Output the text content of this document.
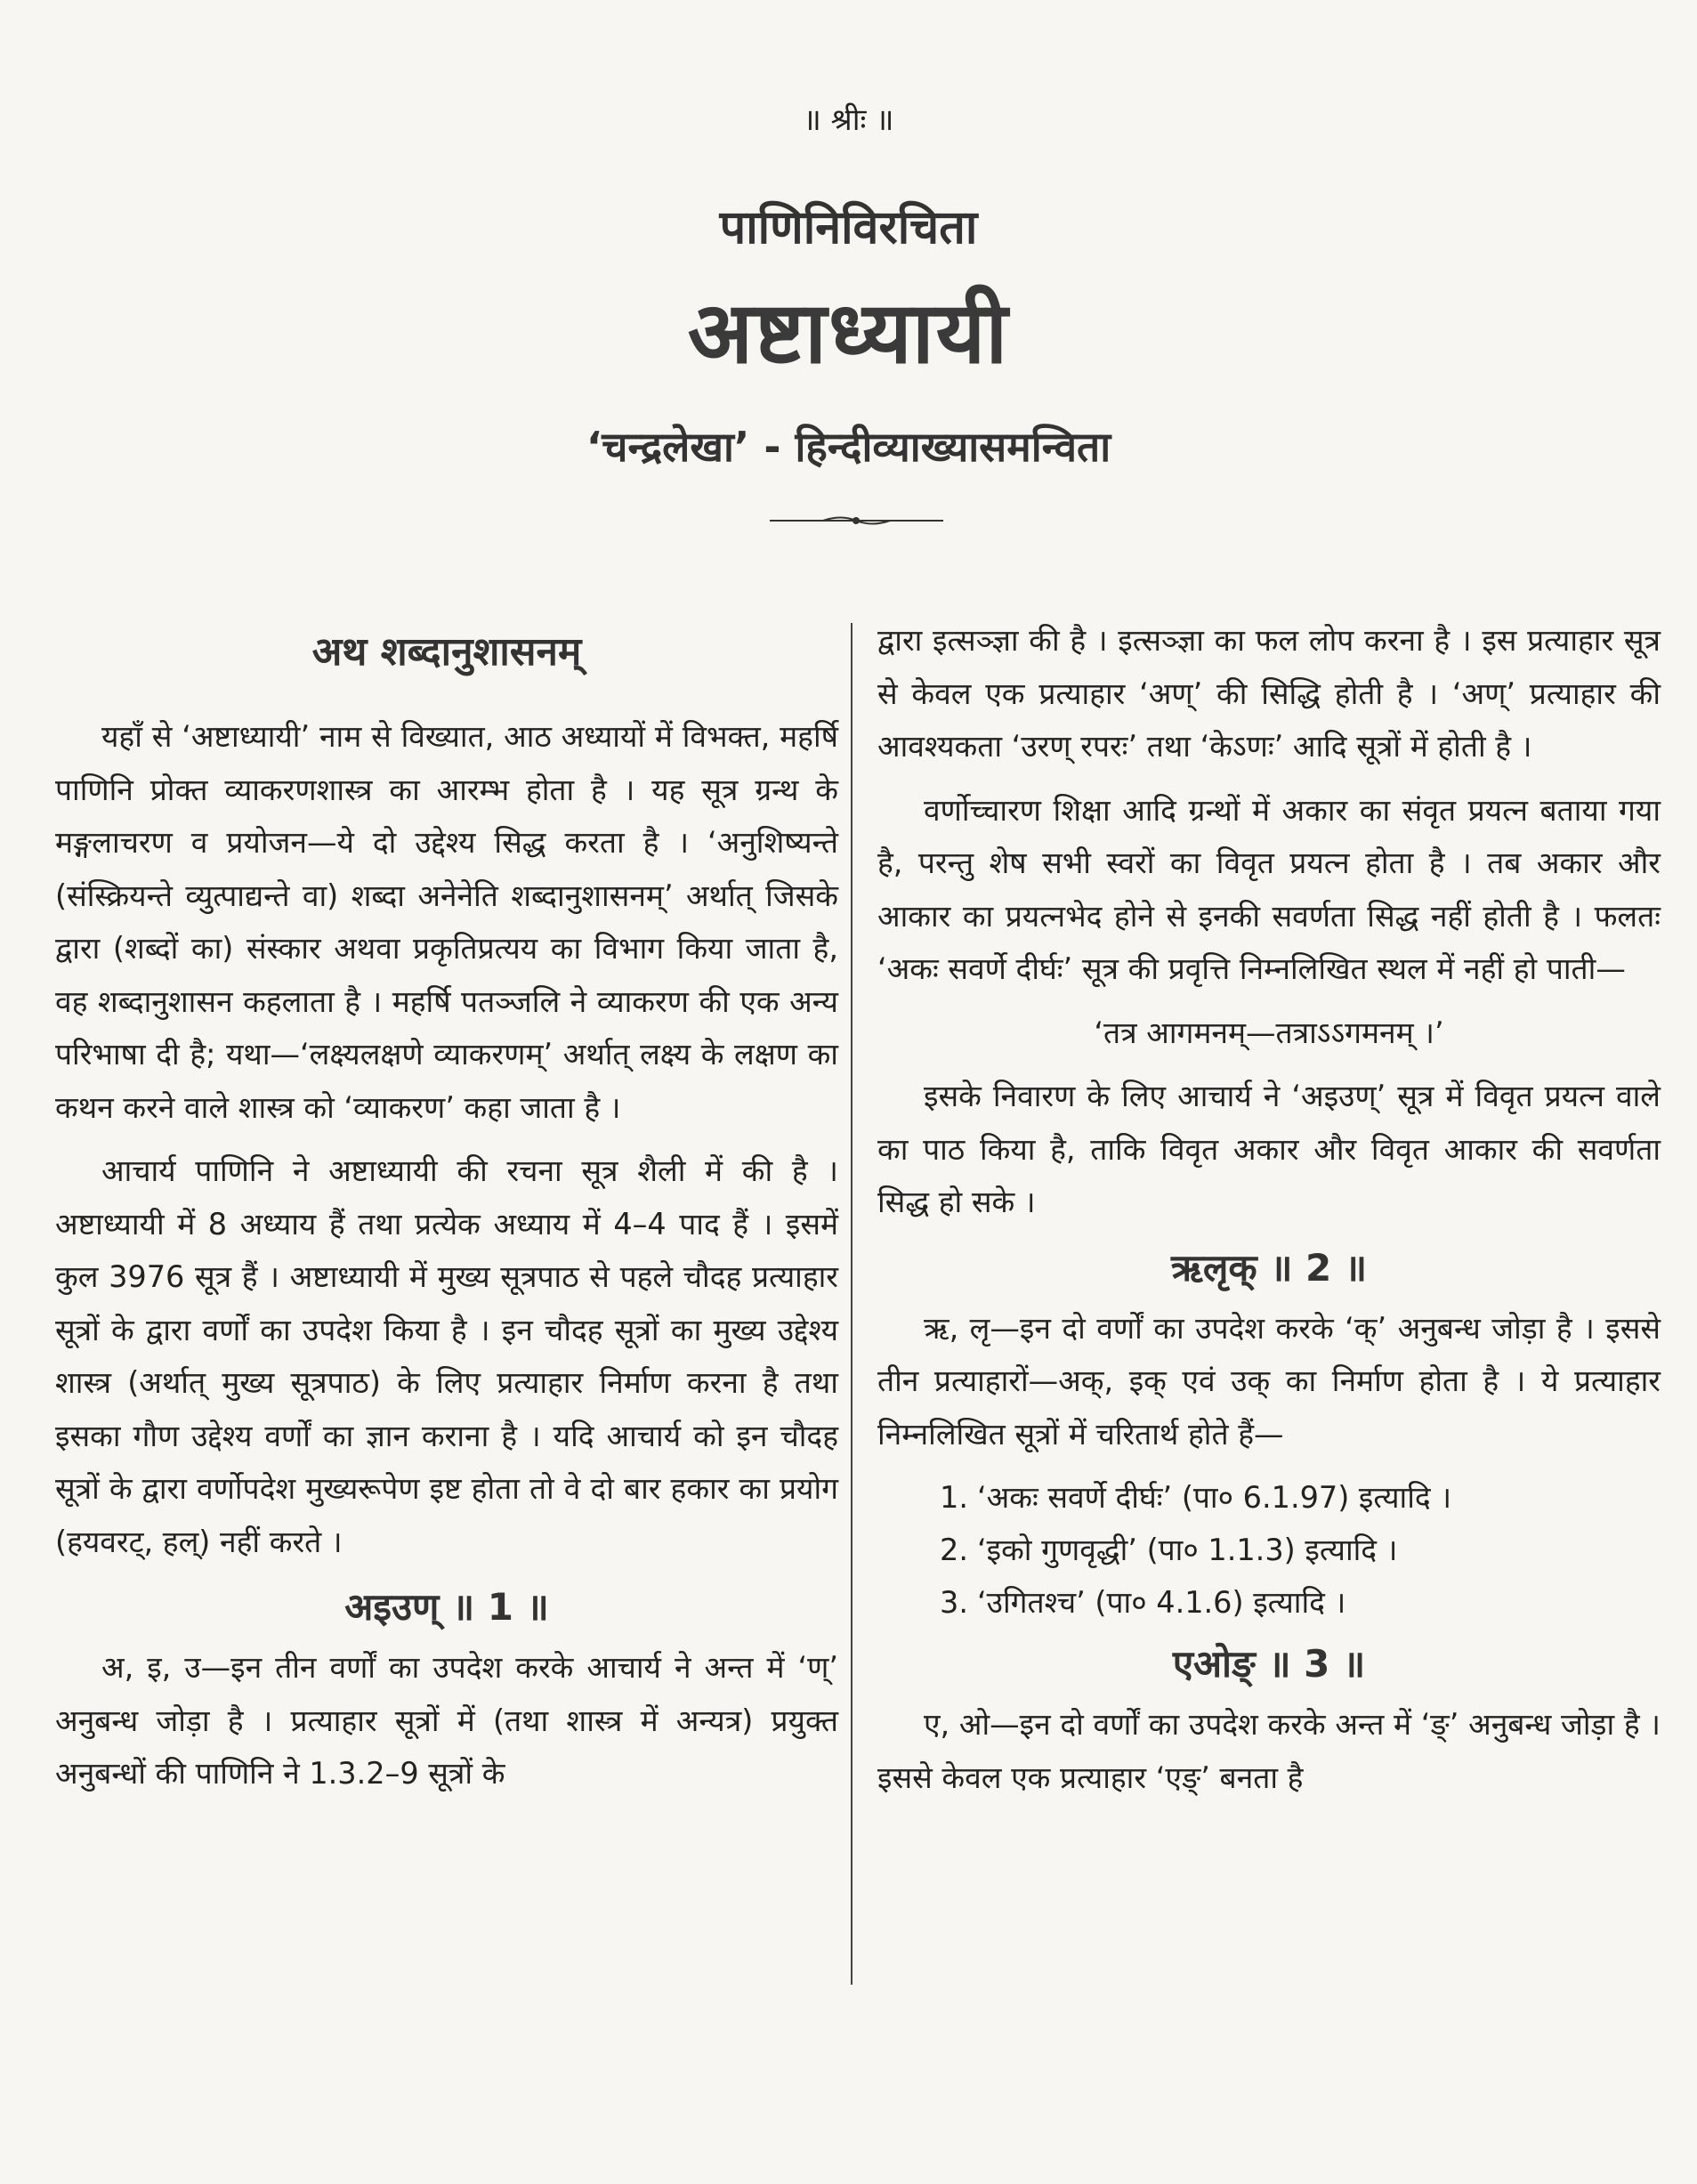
॥ श्रीः ॥
पाणिनिविरचिता
अष्टाध्यायी
‘चन्द्रलेखा’ - हिन्दीव्याख्यासमन्विता
अथ शब्दानुशासनम्

यहाँ से ‘अष्टाध्यायी’ नाम से विख्यात, आठ अध्यायों में विभक्त, महर्षि पाणिनि प्रोक्त व्याकरणशास्त्र का आरम्भ होता है । यह सूत्र ग्रन्थ के मङ्गलाचरण व प्रयोजन—ये दो उद्देश्य सिद्ध करता है । ‘अनुशिष्यन्ते (संस्क्रियन्ते व्युत्पाद्यन्ते वा) शब्दा अनेनेति शब्दानुशासनम्’ अर्थात् जिसके द्वारा (शब्दों का) संस्कार अथवा प्रकृतिप्रत्यय का विभाग किया जाता है, वह शब्दानुशासन कहलाता है । महर्षि पतञ्जलि ने व्याकरण की एक अन्य परिभाषा दी है; यथा—‘लक्ष्यलक्षणे व्याकरणम्’ अर्थात् लक्ष्य के लक्षण का कथन करने वाले शास्त्र को ‘व्याकरण’ कहा जाता है ।

आचार्य पाणिनि ने अष्टाध्यायी की रचना सूत्र शैली में की है । अष्टाध्यायी में 8 अध्याय हैं तथा प्रत्येक अध्याय में 4–4 पाद हैं । इसमें कुल 3976 सूत्र हैं । अष्टाध्यायी में मुख्य सूत्रपाठ से पहले चौदह प्रत्याहार सूत्रों के द्वारा वर्णों का उपदेश किया है । इन चौदह सूत्रों का मुख्य उद्देश्य शास्त्र (अर्थात् मुख्य सूत्रपाठ) के लिए प्रत्याहार निर्माण करना है तथा इसका गौण उद्देश्य वर्णों का ज्ञान कराना है । यदि आचार्य को इन चौदह सूत्रों के द्वारा वर्णोपदेश मुख्यरूपेण इष्ट होता तो वे दो बार हकार का प्रयोग (हयवरट्, हल्) नहीं करते ।

अइउण् ॥ 1 ॥

अ, इ, उ—इन तीन वर्णों का उपदेश करके आचार्य ने अन्त में ‘ण्’ अनुबन्ध जोड़ा है । प्रत्याहार सूत्रों में (तथा शास्त्र में अन्यत्र) प्रयुक्त अनुबन्धों की पाणिनि ने 1.3.2–9 सूत्रों के

द्वारा इत्सञ्ज्ञा की है । इत्सञ्ज्ञा का फल लोप करना है । इस प्रत्याहार सूत्र से केवल एक प्रत्याहार ‘अण्’ की सिद्धि होती है । ‘अण्’ प्रत्याहार की आवश्यकता ‘उरण् रपरः’ तथा ‘केऽणः’ आदि सूत्रों में होती है ।

वर्णोच्चारण शिक्षा आदि ग्रन्थों में अकार का संवृत प्रयत्न बताया गया है, परन्तु शेष सभी स्वरों का विवृत प्रयत्न होता है । तब अकार और आकार का प्रयत्नभेद होने से इनकी सवर्णता सिद्ध नहीं होती है । फलतः ‘अकः सवर्णे दीर्घः’ सूत्र की प्रवृत्ति निम्नलिखित स्थल में नहीं हो पाती—

‘तत्र आगमनम्—तत्राऽऽगमनम् ।’

इसके निवारण के लिए आचार्य ने ‘अइउण्’ सूत्र में विवृत प्रयत्न वाले का पाठ किया है, ताकि विवृत अकार और विवृत आकार की सवर्णता सिद्ध हो सके ।

ऋलृक् ॥ 2 ॥

ऋ, लृ—इन दो वर्णों का उपदेश करके ‘क्’ अनुबन्ध जोड़ा है । इससे तीन प्रत्याहारों—अक्, इक् एवं उक् का निर्माण होता है । ये प्रत्याहार निम्नलिखित सूत्रों में चरितार्थ होते हैं—

1. ‘अकः सवर्णे दीर्घः’ (पा० 6.1.97) इत्यादि ।
2. ‘इको गुणवृद्धी’ (पा० 1.1.3) इत्यादि ।
3. ‘उगितश्च’ (पा० 4.1.6) इत्यादि ।
एओङ् ॥ 3 ॥

ए, ओ—इन दो वर्णों का उपदेश करके अन्त में ‘ङ्’ अनुबन्ध जोड़ा है । इससे केवल एक प्रत्याहार ‘एङ्’ बनता है
